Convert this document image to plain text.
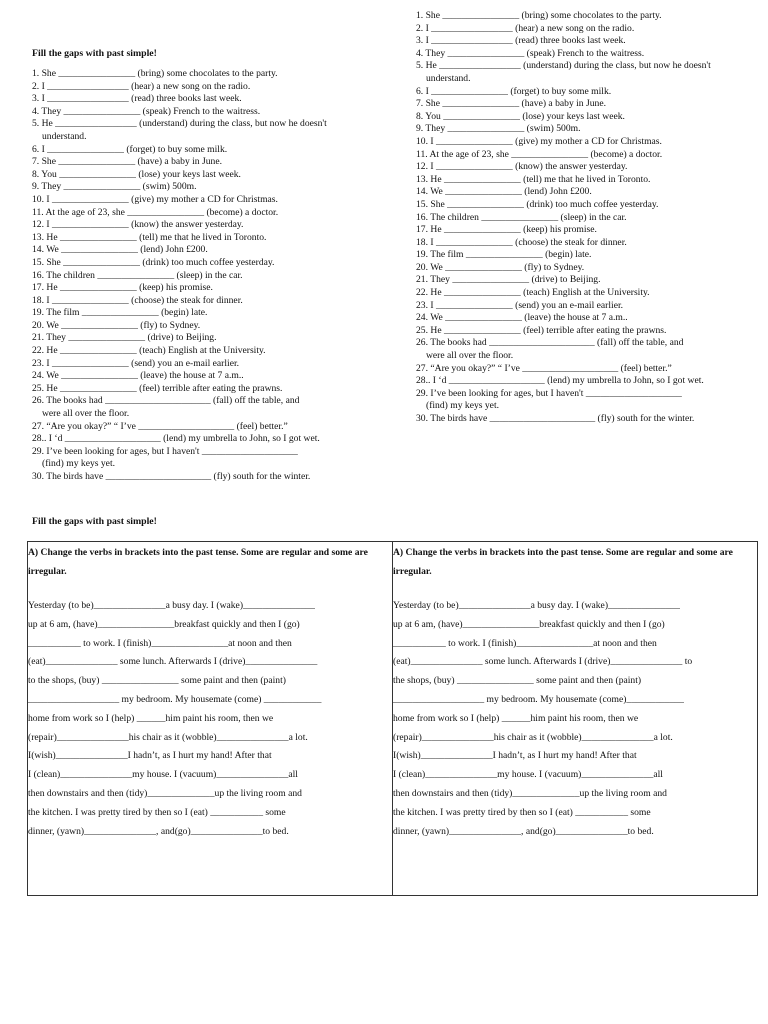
Fill the gaps with past simple!
1. She ________________ (bring) some chocolates to the party.
2. I _________________ (hear) a new song on the radio.
3. I _________________ (read) three books last week.
4. They ________________ (speak) French to the waitress.
5. He _________________ (understand) during the class, but now he doesn't
understand.
6. I ________________ (forget) to buy some milk.
7. She ________________ (have) a baby in June.
8. You ________________ (lose) your keys last week.
9. They ________________ (swim) 500m.
10. I ________________ (give) my mother a CD for Christmas.
11. At the age of 23, she ________________ (become) a doctor.
12. I ________________ (know) the answer yesterday.
13. He ________________ (tell) me that he lived in Toronto.
14. We ________________ (lend) John £200.
15. She ________________ (drink) too much coffee yesterday.
16. The children ________________ (sleep) in the car.
17. He ________________ (keep) his promise.
18. I ________________ (choose) the steak for dinner.
19. The film ________________ (begin) late.
20. We ________________ (fly) to Sydney.
21. They ________________ (drive) to Beijing.
22. He ________________ (teach) English at the University.
23. I ________________ (send) you an e-mail earlier.
24. We ________________ (leave) the house at 7 a.m..
25. He ________________ (feel) terrible after eating the prawns.
26. The books had ______________________ (fall) off the table, and
were all over the floor.
27. “Are you okay?” “ I’ve ____________________ (feel) better.”
28.. I ‘d ____________________ (lend) my umbrella to John, so I got wet.
29. I’ve been looking for ages, but I haven't ____________________
(find) my keys yet.
30. The birds have ______________________ (fly) south for the winter.
1. She ________________ (bring) some chocolates to the party.
2. I _________________ (hear) a new song on the radio.
3. I _________________ (read) three books last week.
4. They ________________ (speak) French to the waitress.
5. He _________________ (understand) during the class, but now he doesn't
understand.
6. I ________________ (forget) to buy some milk.
7. She ________________ (have) a baby in June.
8. You ________________ (lose) your keys last week.
9. They ________________ (swim) 500m.
10. I ________________ (give) my mother a CD for Christmas.
11. At the age of 23, she ________________ (become) a doctor.
12. I ________________ (know) the answer yesterday.
13. He ________________ (tell) me that he lived in Toronto.
14. We ________________ (lend) John £200.
15. She ________________ (drink) too much coffee yesterday.
16. The children ________________ (sleep) in the car.
17. He ________________ (keep) his promise.
18. I ________________ (choose) the steak for dinner.
19. The film ________________ (begin) late.
20. We ________________ (fly) to Sydney.
21. They ________________ (drive) to Beijing.
22. He ________________ (teach) English at the University.
23. I ________________ (send) you an e-mail earlier.
24. We ________________ (leave) the house at 7 a.m..
25. He ________________ (feel) terrible after eating the prawns.
26. The books had ______________________ (fall) off the table, and
were all over the floor.
27. “Are you okay?” “ I’ve ____________________ (feel) better.”
28.. I ‘d ____________________ (lend) my umbrella to John, so I got wet.
29. I’ve been looking for ages, but I haven't ____________________
(find) my keys yet.
30. The birds have ______________________ (fly) south for the winter.
Fill the gaps with past simple!
A) Change the verbs in brackets into the past tense. Some are regular and some are irregular.
Yesterday (to be)_______________a busy day. I (wake)_______________
up at 6 am, (have)________________breakfast quickly and then I (go)
___________ to work. I (finish)________________at noon and then
(eat)_______________ some lunch. Afterwards I (drive)_______________
to the shops, (buy) ________________ some paint and then (paint)
___________________ my bedroom. My housemate (come) ____________
home from work so I (help) ______him paint his room, then we
(repair)_______________his chair as it (wobble)_______________a lot.
I(wish)_______________I hadn’t, as I hurt my hand! After that
I (clean)_______________my house. I (vacuum)_______________all
then downstairs and then (tidy)______________up the living room and
the kitchen. I was pretty tired by then so I (eat) ___________ some
dinner, (yawn)_______________, and(go)_______________to bed.
A) Change the verbs in brackets into the past tense. Some are regular and some are irregular.
Yesterday (to be)_______________a busy day. I (wake)_______________
up at 6 am, (have)________________breakfast quickly and then I (go)
___________ to work. I (finish)________________at noon and then
(eat)_______________ some lunch. Afterwards I (drive)_______________ to
the shops, (buy) ________________ some paint and then (paint)
___________________ my bedroom. My housemate (come)____________
home from work so I (help) ______him paint his room, then we
(repair)_______________his chair as it (wobble)_______________a lot.
I(wish)_______________I hadn’t, as I hurt my hand! After that
I (clean)_______________my house. I (vacuum)_______________all
then downstairs and then (tidy)______________up the living room and
the kitchen. I was pretty tired by then so I (eat) ___________ some
dinner, (yawn)_______________, and(go)_______________to bed.
